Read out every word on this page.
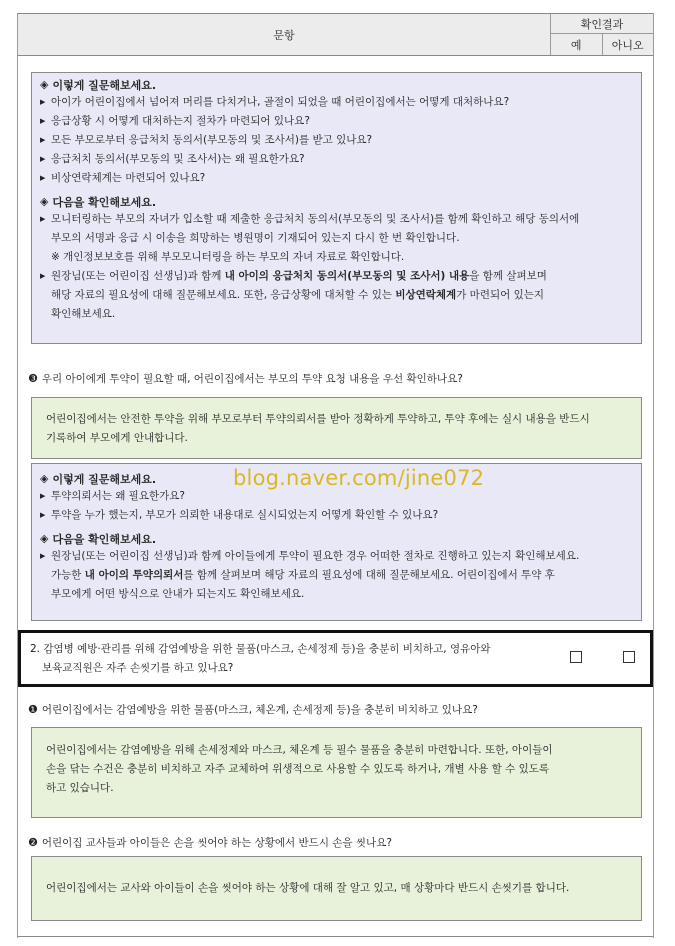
문항
확인결과
예	아니오
◈ 이렇게 질문해보세요.
▶ 아이가 어린이집에서 넘어져 머리를 다치거나, 골절이 되었을 때 어린이집에서는 어떻게 대처하나요?
▶ 응급상황 시 어떻게 대처하는지 절차가 마련되어 있나요?
▶ 모든 부모로부터 응급처치 동의서(부모동의 및 조사서)를 받고 있나요?
▶ 응급처치 동의서(부모동의 및 조사서)는 왜 필요한가요?
▶ 비상연락체계는 마련되어 있나요?
◈ 다음을 확인해보세요.
▶ 모니터링하는 부모의 자녀가 입소할 때 제출한 응급처치 동의서(부모동의 및 조사서)를 함께 확인하고 해당 동의서에
부모의 서명과 응급 시 이송을 희망하는 병원명이 기재되어 있는지 다시 한 번 확인합니다.
※ 개인정보보호를 위해 부모모니터링을 하는 부모의 자녀 자료로 확인합니다.
▶ 원장님(또는 어린이집 선생님)과 함께 내 아이의 응급처치 동의서(부모동의 및 조사서) 내용을 함께 살펴보며
해당 자료의 필요성에 대해 질문해보세요. 또한, 응급상황에 대처할 수 있는 비상연락체계가 마련되어 있는지
확인해보세요.
❸ 우리 아이에게 투약이 필요할 때, 어린이집에서는 부모의 투약 요청 내용을 우선 확인하나요?
어린이집에서는 안전한 투약을 위해 부모로부터 투약의뢰서를 받아 정확하게 투약하고, 투약 후에는 실시 내용을 반드시
기록하여 부모에게 안내합니다.
◈ 이렇게 질문해보세요.
▶ 투약의뢰서는 왜 필요한가요?
▶ 투약을 누가 했는지, 부모가 의뢰한 내용대로 실시되었는지 어떻게 확인할 수 있나요?
◈ 다음을 확인해보세요.
▶ 원장님(또는 어린이집 선생님)과 함께 아이들에게 투약이 필요한 경우 어떠한 절차로 진행하고 있는지 확인해보세요.
가능한 내 아이의 투약의뢰서를 함께 살펴보며 해당 자료의 필요성에 대해 질문해보세요. 어린이집에서 투약 후
부모에게 어떤 방식으로 안내가 되는지도 확인해보세요.
blog.naver.com/jine072
2. 감염병 예방·관리를 위해 감염예방을 위한 물품(마스크, 손세정제 등)을 충분히 비치하고, 영유아와
보육교직원은 자주 손씻기를 하고 있나요?
❶ 어린이집에서는 감염예방을 위한 물품(마스크, 체온계, 손세정제 등)을 충분히 비치하고 있나요?
어린이집에서는 감염예방을 위해 손세정제와 마스크, 체온계 등 필수 물품을 충분히 마련합니다. 또한, 아이들이
손을 닦는 수건은 충분히 비치하고 자주 교체하여 위생적으로 사용할 수 있도록 하거나, 개별 사용 할 수 있도록
하고 있습니다.
❷ 어린이집 교사들과 아이들은 손을 씻어야 하는 상황에서 반드시 손을 씻나요?
어린이집에서는 교사와 아이들이 손을 씻어야 하는 상황에 대해 잘 알고 있고, 매 상황마다 반드시 손씻기를 합니다.
